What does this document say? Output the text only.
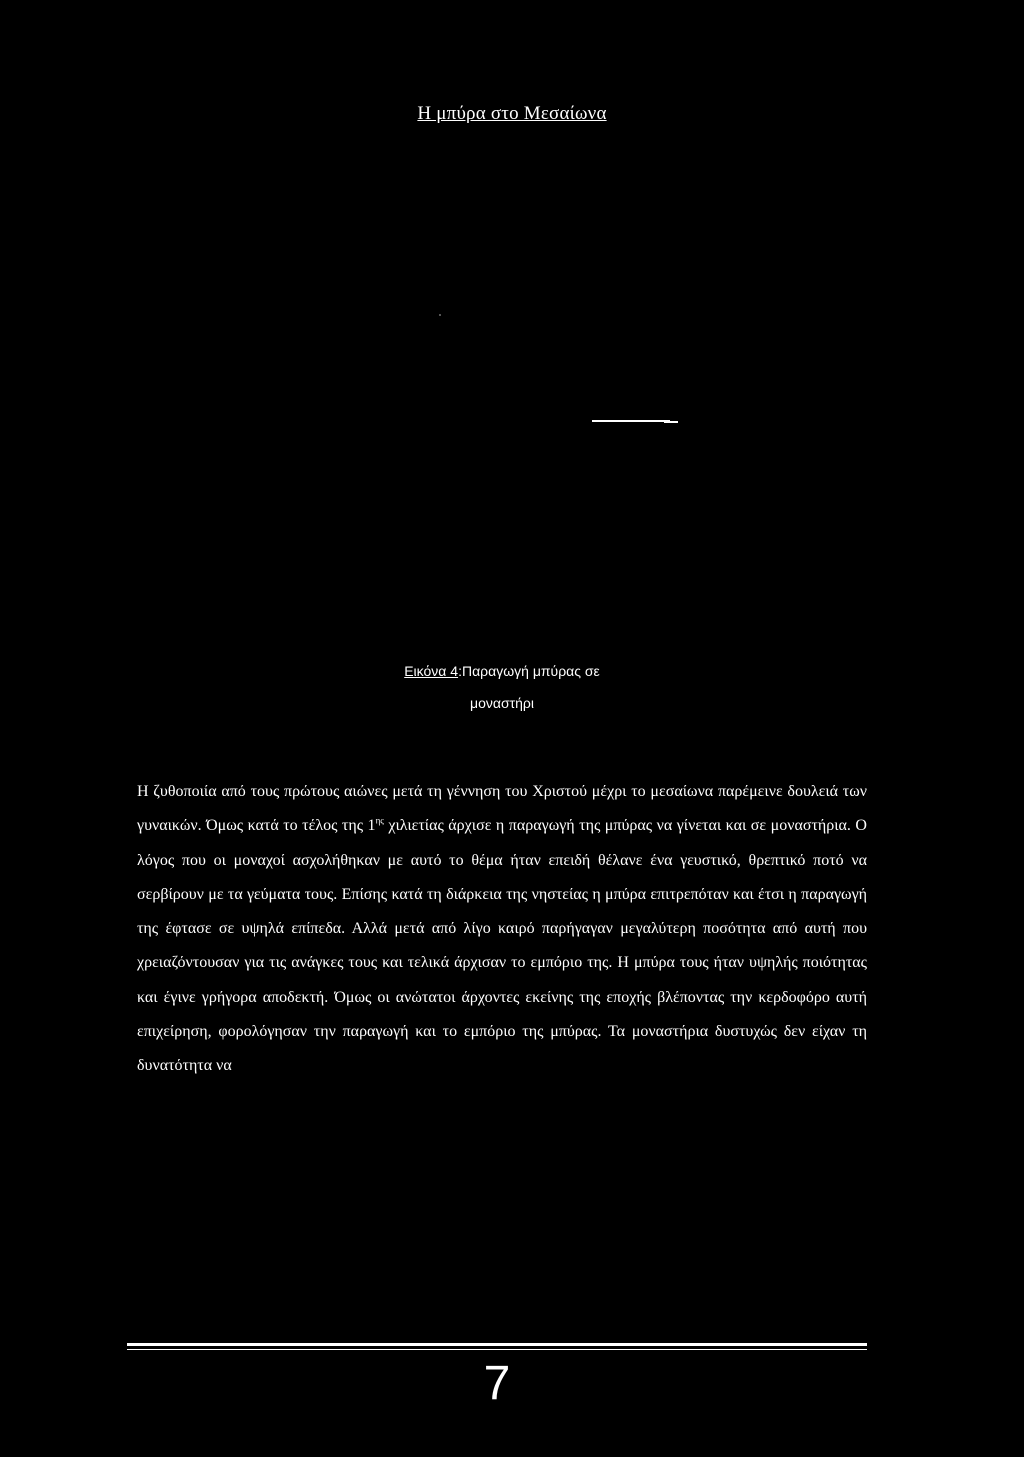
Η μπύρα στο Μεσαίωνα
Εικόνα 4:Παραγωγή μπύρας σε
μοναστήρι

Η ζυθοποιία από τους πρώτους αιώνες μετά τη γέννηση του Χριστού μέχρι το μεσαίωνα παρέμεινε δουλειά των γυναικών. Όμως κατά το τέλος της $1^{\eta\varsigma}$ χιλιετίας άρχισε η παραγωγή της μπύρας να γίνεται και σε μοναστήρια. Ο λόγος που οι μοναχοί ασχολήθηκαν με αυτό το θέμα ήταν επειδή θέλανε ένα γευστικό, θρεπτικό ποτό να σερβίρουν με τα γεύματα τους. Επίσης κατά τη διάρκεια της νηστείας η μπύρα επιτρεπόταν και έτσι η παραγωγή της έφτασε σε υψηλά επίπεδα. Αλλά μετά από λίγο καιρό παρήγαγαν μεγαλύτερη ποσότητα από αυτή που χρειαζόντουσαν για τις ανάγκες τους και τελικά άρχισαν το εμπόριο της. Η μπύρα τους ήταν υψηλής ποιότητας και έγινε γρήγορα αποδεκτή. Όμως οι ανώτατοι άρχοντες εκείνης της εποχής βλέποντας την κερδοφόρο αυτή επιχείρηση, φορολόγησαν την παραγωγή και το εμπόριο της μπύρας. Τα μοναστήρια δυστυχώς δεν είχαν τη δυνατότητα να

7
